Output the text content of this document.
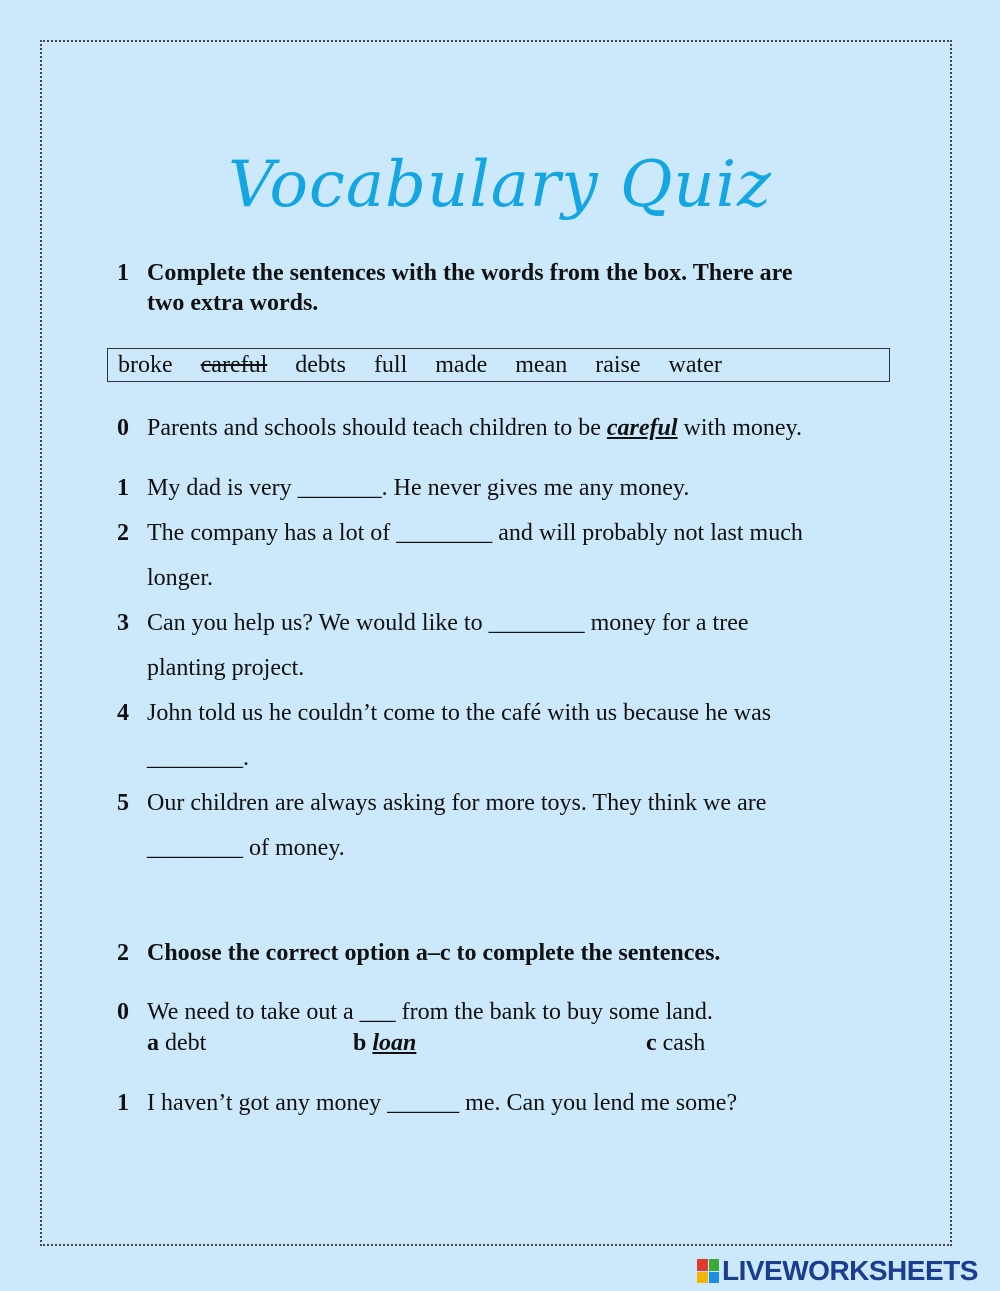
Vocabulary Quiz
1 Complete the sentences with the words from the box. There are
two extra words.
broke careful debts full made mean raise water
0 Parents and schools should teach children to be careful with money.
1 My dad is very _______. He never gives me any money.
2 The company has a lot of ________ and will probably not last much
longer.
3 Can you help us? We would like to ________ money for a tree
planting project.
4 John told us he couldn’t come to the café with us because he was
________.
5 Our children are always asking for more toys. They think we are
________ of money.
2 Choose the correct option a–c to complete the sentences.
0 We need to take out a ___ from the bank to buy some land.
a debt	b loan	c cash
1 I haven’t got any money ______ me. Can you lend me some?
LIVEWORKSHEETS
